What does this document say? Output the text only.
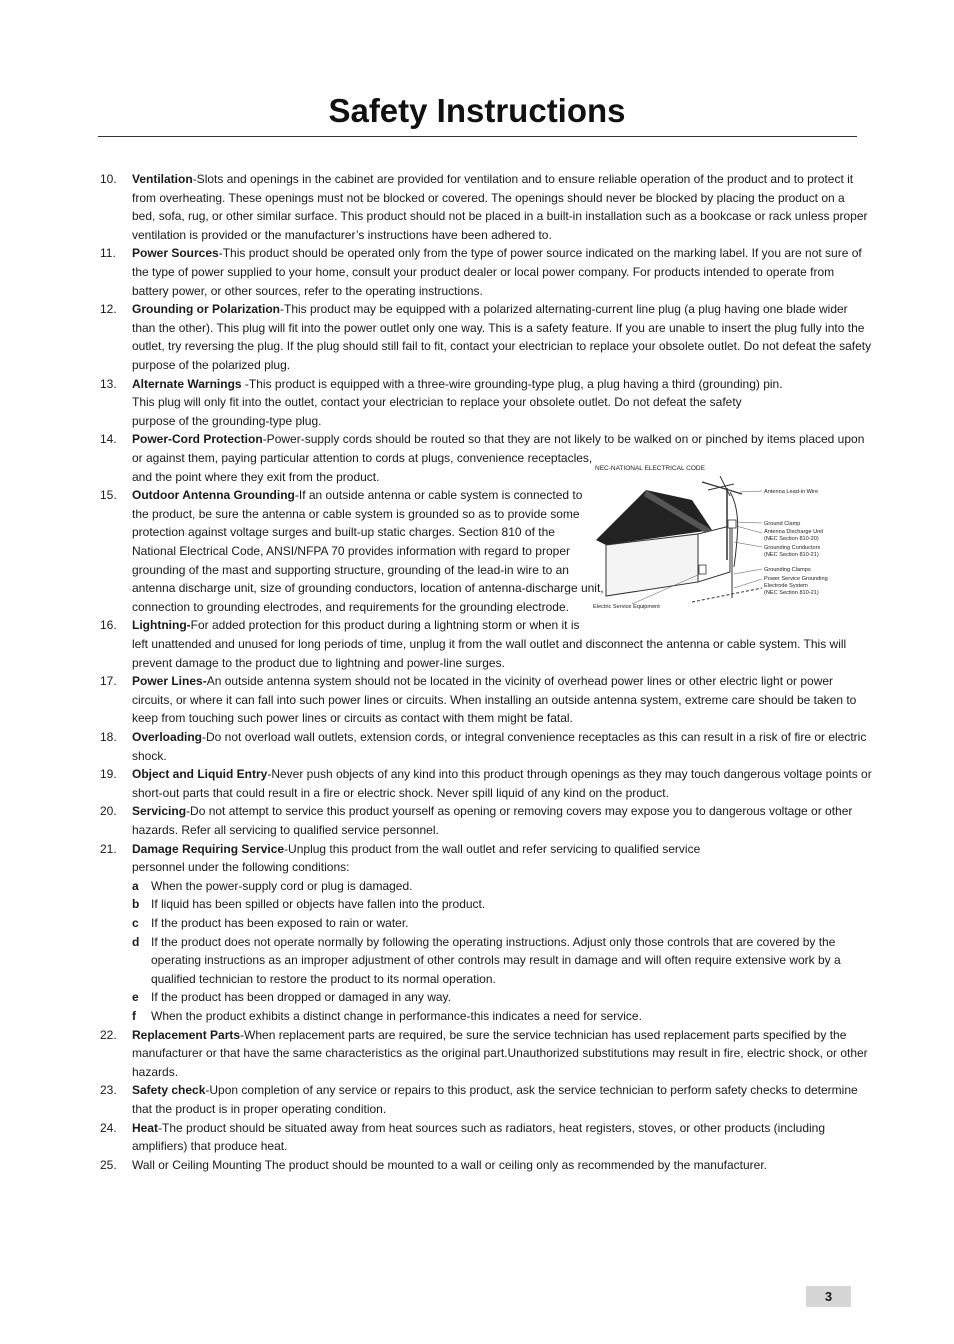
Safety Instructions
10.	Ventilation-Slots and openings in the cabinet are provided for ventilation and to ensure reliable operation of the product and to protect it
from overheating. These openings must not be blocked or covered. The openings should never be blocked by placing the product on a
bed, sofa, rug, or other similar surface. This product should not be placed in a built-in installation such as a bookcase or rack unless proper
ventilation is provided or the manufacturer’s instructions have been adhered to.
11.	Power Sources-This product should be operated only from the type of power source indicated on the marking label. If you are not sure of
the type of power supplied to your home, consult your product dealer or local power company. For products intended to operate from
battery power, or other sources, refer to the operating instructions.
12.	Grounding or Polarization-This product may be equipped with a polarized alternating-current line plug (a plug having one blade wider
than the other). This plug will fit into the power outlet only one way. This is a safety feature. If you are unable to insert the plug fully into the
outlet, try reversing the plug. If the plug should still fail to fit, contact your electrician to replace your obsolete outlet. Do not defeat the safety
purpose of the polarized plug.
13.	Alternate Warnings -This product is equipped with a three-wire grounding-type plug, a plug having a third (grounding) pin.
This plug will only fit into the outlet, contact your electrician to replace your obsolete outlet. Do not defeat the safety
purpose of the grounding-type plug.
14.	Power-Cord Protection-Power-supply cords should be routed so that they are not likely to be walked on or pinched by items placed upon
or against them, paying particular attention to cords at plugs, convenience receptacles,
and the point where they exit from the product.
15.	Outdoor Antenna Grounding-If an outside antenna or cable system is connected to
the product, be sure the antenna or cable system is grounded so as to provide some
protection against voltage surges and built-up static charges. Section 810 of the
National Electrical Code, ANSI/NFPA 70 provides information with regard to proper
grounding of the mast and supporting structure, grounding of the lead-in wire to an
antenna discharge unit, size of grounding conductors, location of antenna-discharge unit,
connection to grounding electrodes, and requirements for the grounding electrode.
16.	Lightning-For added protection for this product during a lightning storm or when it is
left unattended and unused for long periods of time, unplug it from the wall outlet and disconnect the antenna or cable system. This will
prevent damage to the product due to lightning and power-line surges.
17.	Power Lines-An outside antenna system should not be located in the vicinity of overhead power lines or other electric light or power
circuits, or where it can fall into such power lines or circuits. When installing an outside antenna system, extreme care should be taken to
keep from touching such power lines or circuits as contact with them might be fatal.
18.	Overloading-Do not overload wall outlets, extension cords, or integral convenience receptacles as this can result in a risk of fire or electric
shock.
19.	Object and Liquid Entry-Never push objects of any kind into this product through openings as they may touch dangerous voltage points or
short-out parts that could result in a fire or electric shock. Never spill liquid of any kind on the product.
20.	Servicing-Do not attempt to service this product yourself as opening or removing covers may expose you to dangerous voltage or other
hazards. Refer all servicing to qualified service personnel.
21.	Damage Requiring Service-Unplug this product from the wall outlet and refer servicing to qualified service
personnel under the following conditions:
a When the power-supply cord or plug is damaged.
b If liquid has been spilled or objects have fallen into the product.
c If the product has been exposed to rain or water.
d If the product does not operate normally by following the operating instructions. Adjust only those controls that are covered by the
operating instructions as an improper adjustment of other controls may result in damage and will often require extensive work by a
qualified technician to restore the product to its normal operation.
e If the product has been dropped or damaged in any way.
f When the product exhibits a distinct change in performance-this indicates a need for service.
22.	Replacement Parts-When replacement parts are required, be sure the service technician has used replacement parts specified by the
manufacturer or that have the same characteristics as the original part.Unauthorized substitutions may result in fire, electric shock, or other
hazards.
23.	Safety check-Upon completion of any service or repairs to this product, ask the service technician to perform safety checks to determine
that the product is in proper operating condition.
24.	Heat-The product should be situated away from heat sources such as radiators, heat registers, stoves, or other products (including
amplifiers) that produce heat.
25.	Wall or Ceiling Mounting The product should be mounted to a wall or ceiling only as recommended by the manufacturer.
NEC-NATIONAL ELECTRICAL CODE
Antenna Lead-in Wire
Ground Clamp
Antenna Discharge Unit
(NEC Section 810-20)
Grounding Conductors
(NEC Section 810-21)
Grounding Clamps
Power Service Grounding
Electrode System
(NEC Section 810-21)
Electric Service Equipment
3
